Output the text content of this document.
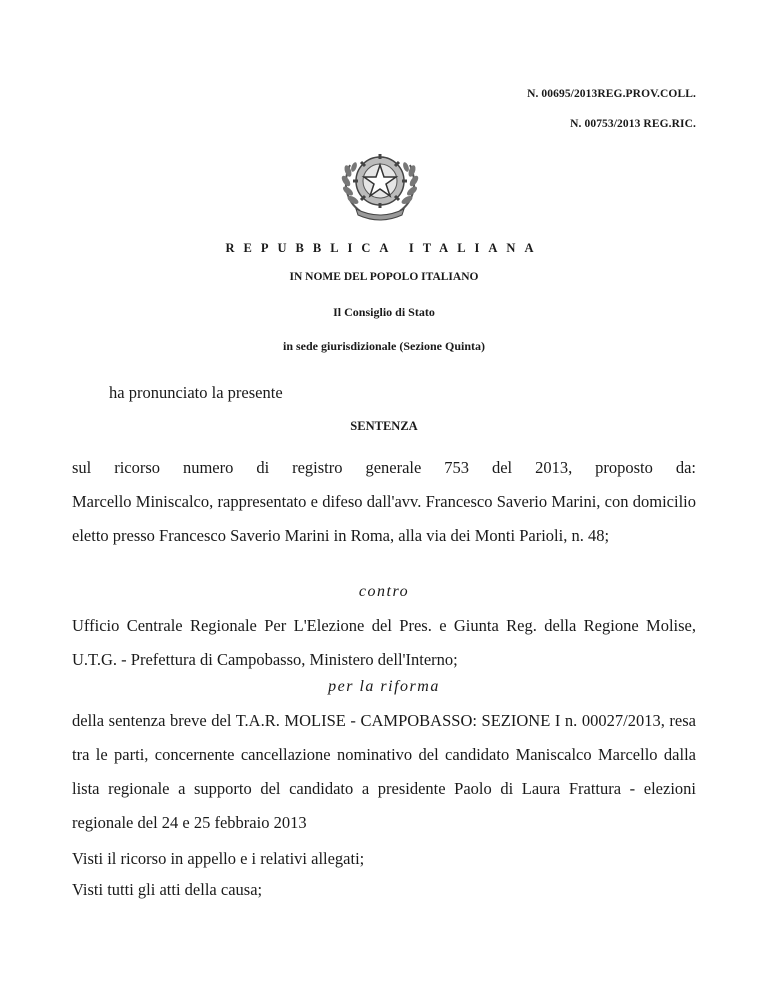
N. 00695/2013REG.PROV.COLL.
N. 00753/2013 REG.RIC.
REPUBBLICA ITALIANA
IN NOME DEL POPOLO ITALIANO
Il Consiglio di Stato
in sede giurisdizionale (Sezione Quinta)
ha pronunciato la presente
SENTENZA
sul ricorso numero di registro generale 753 del 2013, proposto da:
Marcello Miniscalco, rappresentato e difeso dall'avv. Francesco Saverio Marini, con domicilio eletto presso Francesco Saverio Marini in Roma, alla via dei Monti Parioli, n. 48;
contro
Ufficio Centrale Regionale Per L'Elezione del Pres. e Giunta Reg. della Regione Molise, U.T.G. - Prefettura di Campobasso, Ministero dell'Interno;
per la riforma
della sentenza breve del T.A.R. MOLISE - CAMPOBASSO: SEZIONE I n. 00027/2013, resa tra le parti, concernente cancellazione nominativo del candidato Maniscalco Marcello dalla lista regionale a supporto del candidato a presidente Paolo di Laura Frattura - elezioni regionale del 24 e 25 febbraio 2013
Visti il ricorso in appello e i relativi allegati;
Visti tutti gli atti della causa;
